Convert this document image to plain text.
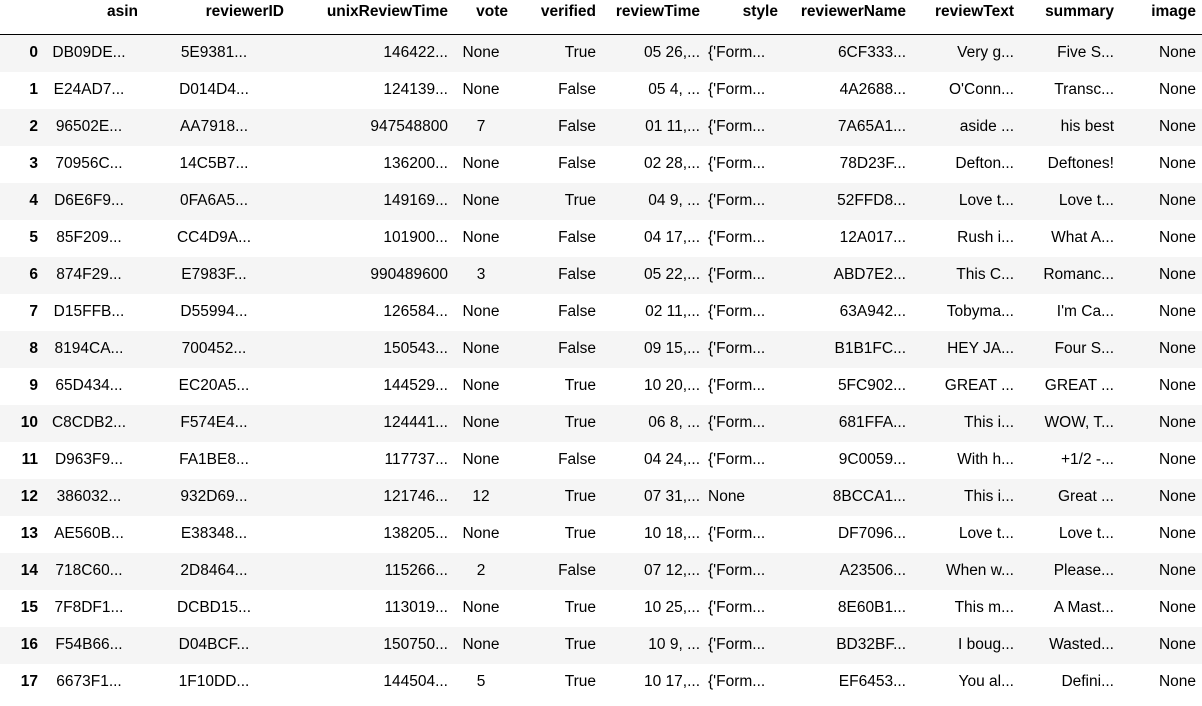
	asin	reviewerID	unixReviewTime	vote	verified	reviewTime	style	reviewerName	reviewText	summary	image
0	DB09DE...	5E9381...	146422...	None	True	05 26,...	{'Form...	6CF333...	Very g...	Five S...	None
1	E24AD7...	D014D4...	124139...	None	False	05 4, ...	{'Form...	4A2688...	O'Conn...	Transc...	None
2	96502E...	AA7918...	947548800	7	False	01 11,...	{'Form...	7A65A1...	aside ...	his best	None
3	70956C...	14C5B7...	136200...	None	False	02 28,...	{'Form...	78D23F...	Defton...	Deftones!	None
4	D6E6F9...	0FA6A5...	149169...	None	True	04 9, ...	{'Form...	52FFD8...	Love t...	Love t...	None
5	85F209...	CC4D9A...	101900...	None	False	04 17,...	{'Form...	12A017...	Rush i...	What A...	None
6	874F29...	E7983F...	990489600	3	False	05 22,...	{'Form...	ABD7E2...	This C...	Romanc...	None
7	D15FFB...	D55994...	126584...	None	False	02 11,...	{'Form...	63A942...	Tobyma...	I'm Ca...	None
8	8194CA...	700452...	150543...	None	False	09 15,...	{'Form...	B1B1FC...	HEY JA...	Four S...	None
9	65D434...	EC20A5...	144529...	None	True	10 20,...	{'Form...	5FC902...	GREAT ...	GREAT ...	None
10	C8CDB2...	F574E4...	124441...	None	True	06 8, ...	{'Form...	681FFA...	This i...	WOW, T...	None
11	D963F9...	FA1BE8...	117737...	None	False	04 24,...	{'Form...	9C0059...	With h...	+1/2 -...	None
12	386032...	932D69...	121746...	12	True	07 31,...	None	8BCCA1...	This i...	Great ...	None
13	AE560B...	E38348...	138205...	None	True	10 18,...	{'Form...	DF7096...	Love t...	Love t...	None
14	718C60...	2D8464...	115266...	2	False	07 12,...	{'Form...	A23506...	When w...	Please...	None
15	7F8DF1...	DCBD15...	113019...	None	True	10 25,...	{'Form...	8E60B1...	This m...	A Mast...	None
16	F54B66...	D04BCF...	150750...	None	True	10 9, ...	{'Form...	BD32BF...	I boug...	Wasted...	None
17	6673F1...	1F10DD...	144504...	5	True	10 17,...	{'Form...	EF6453...	You al...	Defini...	None
